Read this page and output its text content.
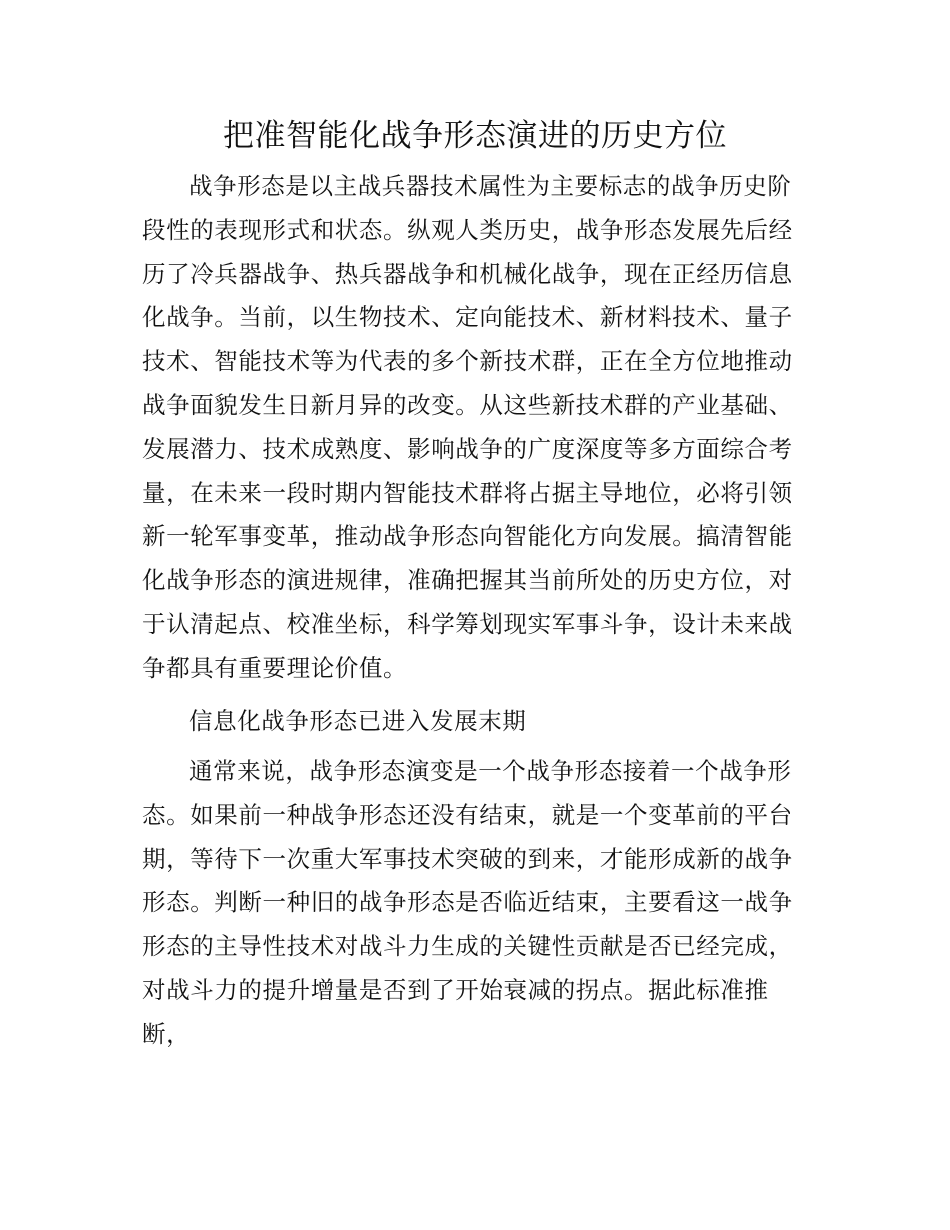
把准智能化战争形态演进的历史方位

战争形态是以主战兵器技术属性为主要标志的战争历史阶段性的表现形式和状态。纵观人类历史，战争形态发展先后经历了冷兵器战争、热兵器战争和机械化战争，现在正经历信息化战争。当前，以生物技术、定向能技术、新材料技术、量子技术、智能技术等为代表的多个新技术群，正在全方位地推动战争面貌发生日新月异的改变。从这些新技术群的产业基础、发展潜力、技术成熟度、影响战争的广度深度等多方面综合考量，在未来一段时期内智能技术群将占据主导地位，必将引领新一轮军事变革，推动战争形态向智能化方向发展。搞清智能化战争形态的演进规律，准确把握其当前所处的历史方位，对于认清起点、校准坐标，科学筹划现实军事斗争，设计未来战争都具有重要理论价值。

信息化战争形态已进入发展末期

通常来说，战争形态演变是一个战争形态接着一个战争形态。如果前一种战争形态还没有结束，就是一个变革前的平台期，等待下一次重大军事技术突破的到来，才能形成新的战争形态。判断一种旧的战争形态是否临近结束，主要看这一战争形态的主导性技术对战斗力生成的关键性贡献是否已经完成，对战斗力的提升增量是否到了开始衰减的拐点。据此标准推断，
